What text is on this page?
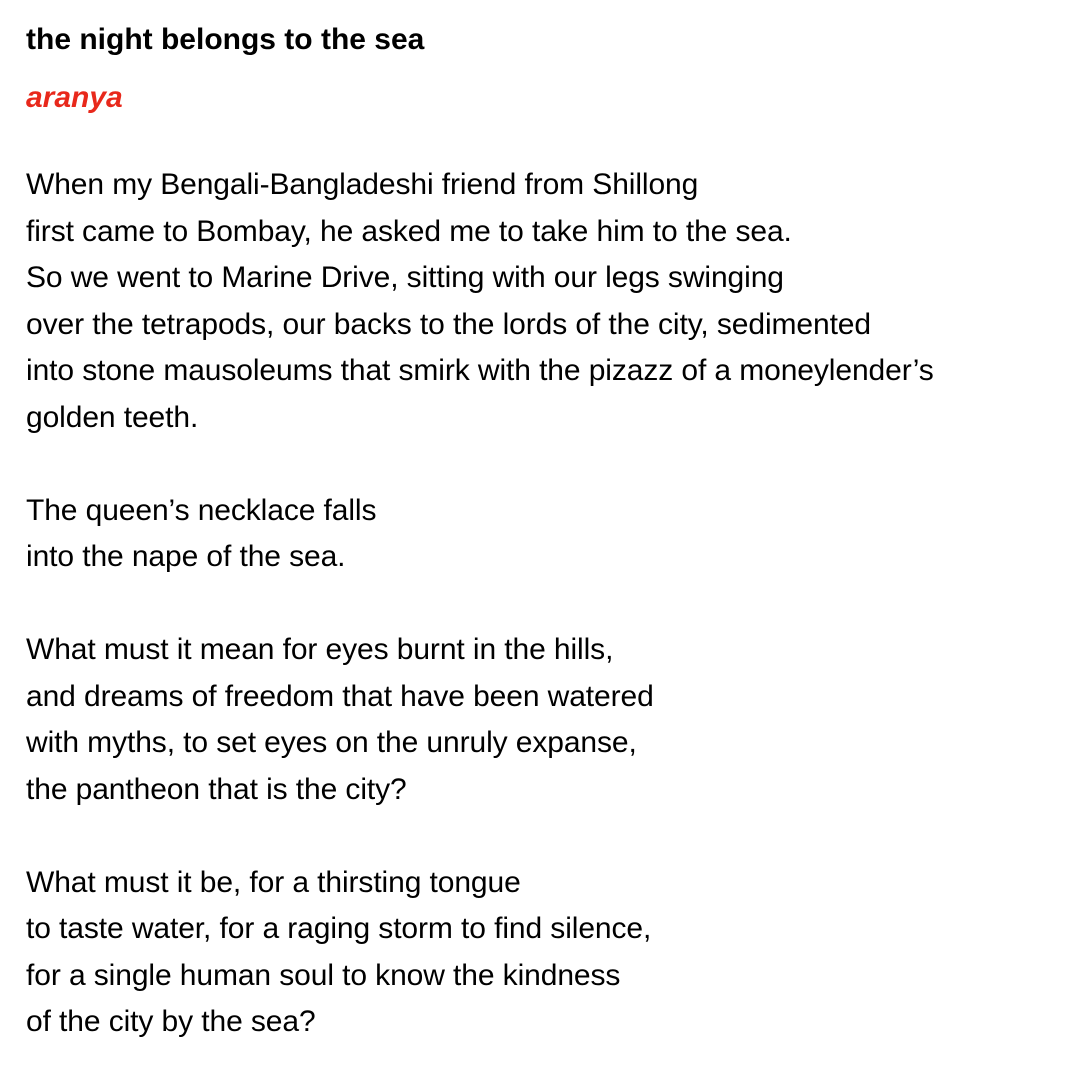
the night belongs to the sea
aranya
When my Bengali-Bangladeshi friend from Shillong
first came to Bombay, he asked me to take him to the sea.
So we went to Marine Drive, sitting with our legs swinging
over the tetrapods, our backs to the lords of the city, sedimented
into stone mausoleums that smirk with the pizazz of a moneylender’s
golden teeth.
The queen’s necklace falls
into the nape of the sea.
What must it mean for eyes burnt in the hills,
and dreams of freedom that have been watered
with myths, to set eyes on the unruly expanse,
the pantheon that is the city?
What must it be, for a thirsting tongue
to taste water, for a raging storm to find silence,
for a single human soul to know the kindness
of the city by the sea?
